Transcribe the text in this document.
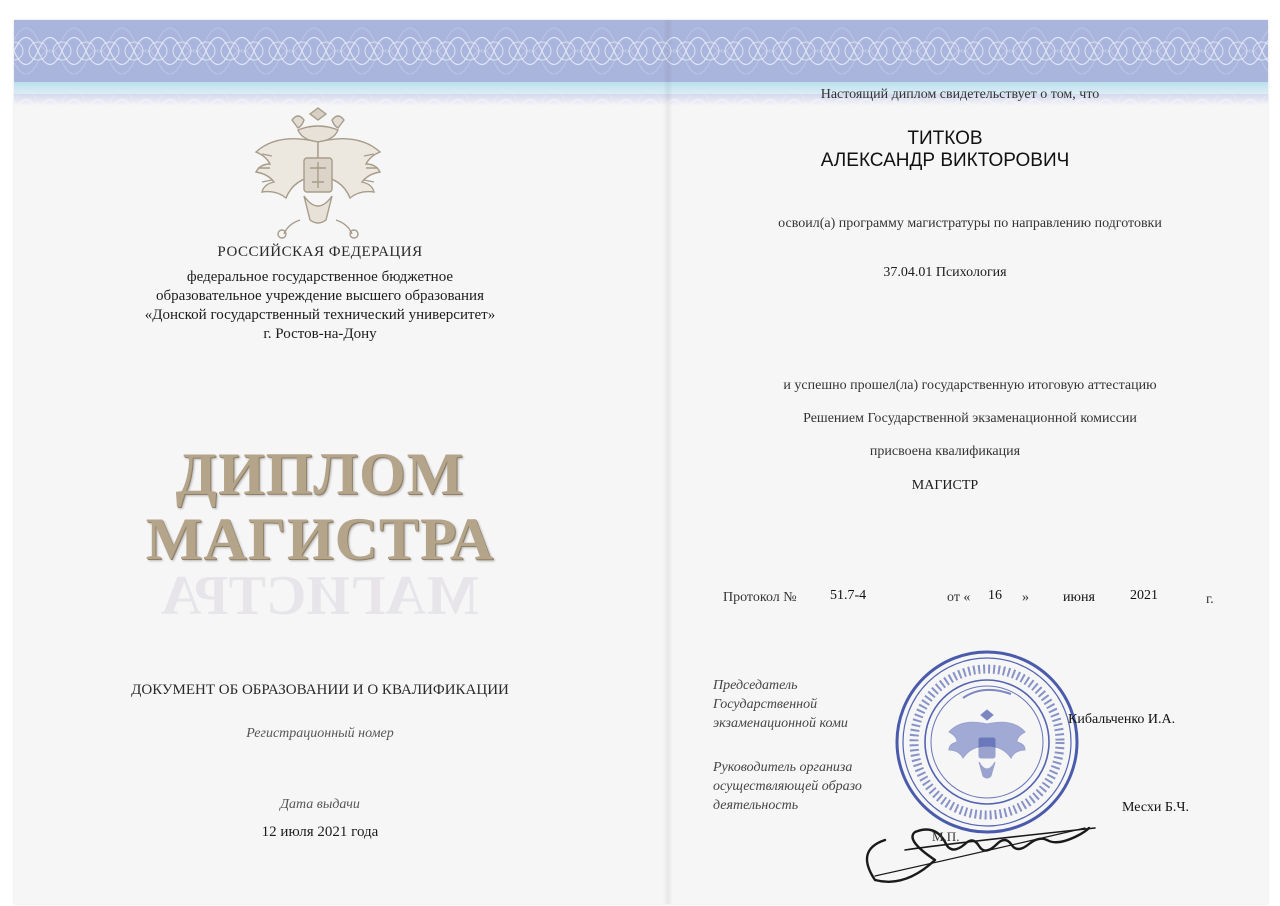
РОССИЙСКАЯ ФЕДЕРАЦИЯ
федеральное государственное бюджетное
образовательное учреждение высшего образования
«Донской государственный технический университет»
г. Ростов-на-Дону
ДИПЛОМ
МАГИСТРА
МАГИСТРА
ДОКУМЕНТ ОБ ОБРАЗОВАНИИ И О КВАЛИФИКАЦИИ
Регистрационный номер
Дата выдачи
12 июля 2021 года
Настоящий диплом свидетельствует о том, что
ТИТКОВ
АЛЕКСАНДР ВИКТОРОВИЧ
освоил(а) программу магистратуры по направлению подготовки
37.04.01 Психология
и успешно прошел(ла) государственную итоговую аттестацию
Решением Государственной экзаменационной комиссии
присвоена квалификация
МАГИСТР
Протокол № 51.7-4	от « 16 » июня	2021	г.
Председатель
Государственной
экзаменационной коми
Руководитель организа
осуществляющей образо
деятельность
Кибальченко И.А.
Месхи Б.Ч.
М.П.
